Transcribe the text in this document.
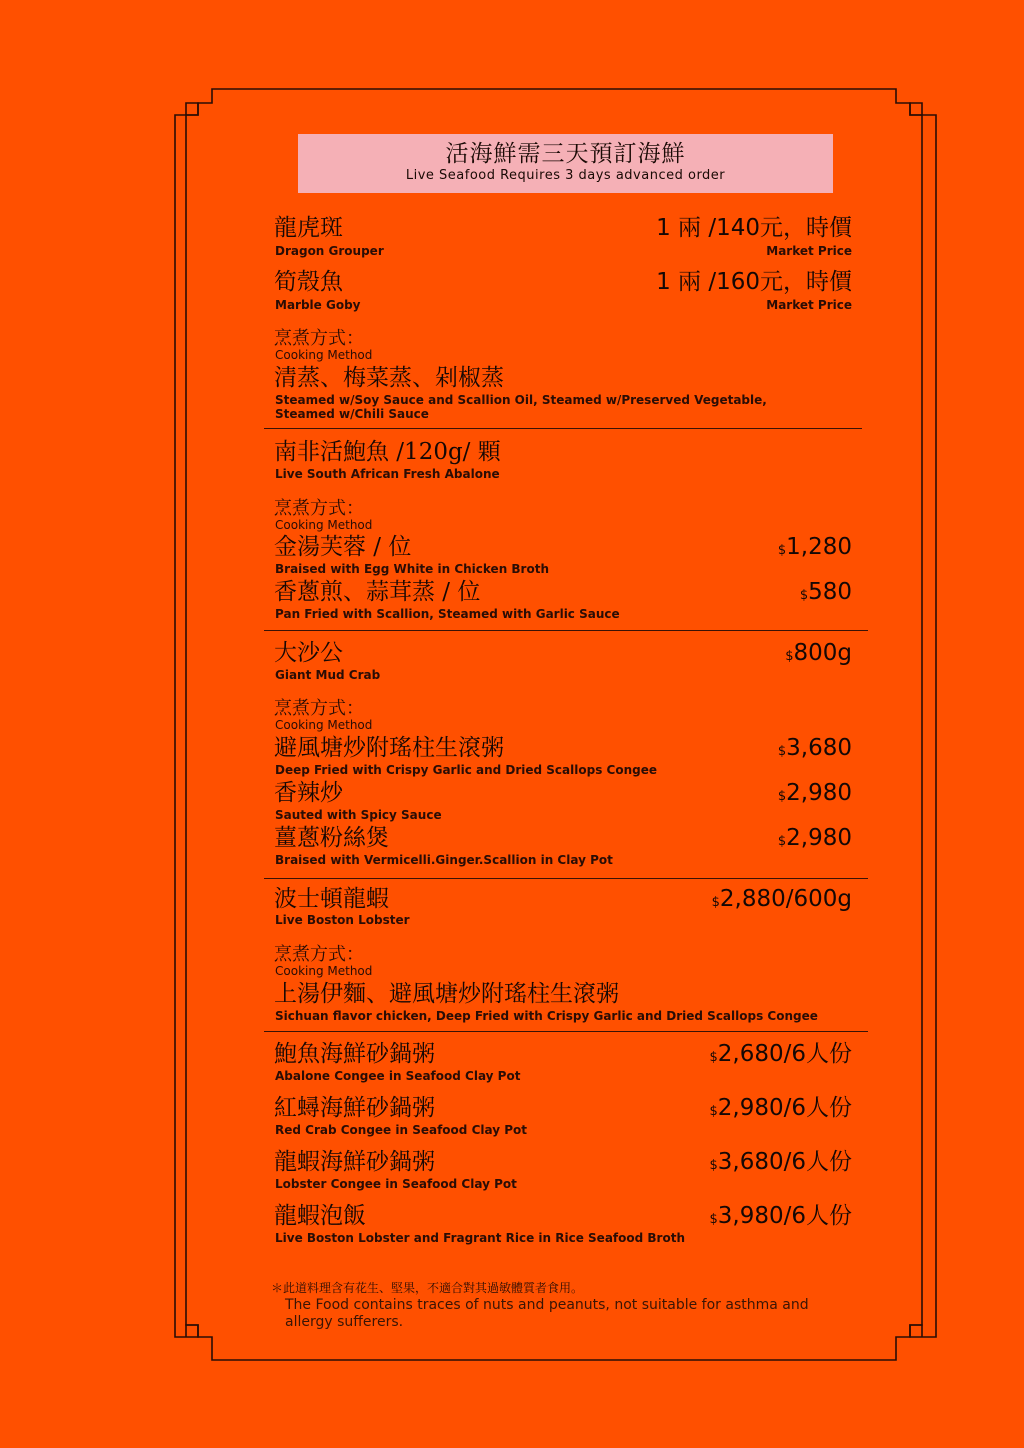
活海鮮需三天預訂海鮮
Live Seafood Requires 3 days advanced order
龍虎斑
Dragon Grouper
1 兩 /140元，時價
Market Price
筍殼魚
Marble Goby
1 兩 /160元，時價
Market Price
烹煮方式：
Cooking Method
清蒸、梅菜蒸、剁椒蒸
Steamed w/Soy Sauce and Scallion Oil, Steamed w/Preserved Vegetable,
Steamed w/Chili Sauce
南非活鮑魚 /120g/ 顆
Live South African Fresh Abalone
烹煮方式：
Cooking Method
金湯芙蓉 / 位
Braised with Egg White in Chicken Broth
$1,280
香蔥煎、蒜茸蒸 / 位
Pan Fried with Scallion, Steamed with Garlic Sauce
$580
大沙公
Giant Mud Crab
$800g
烹煮方式：
Cooking Method
避風塘炒附瑤柱生滾粥
Deep Fried with Crispy Garlic and Dried Scallops Congee
$3,680
香辣炒
Sauted with Spicy Sauce
$2,980
薑蔥粉絲煲
Braised with Vermicelli.Ginger.Scallion in Clay Pot
$2,980
波士頓龍蝦
Live Boston Lobster
$2,880/600g
烹煮方式：
Cooking Method
上湯伊麵、避風塘炒附瑤柱生滾粥
Sichuan flavor chicken, Deep Fried with Crispy Garlic and Dried Scallops Congee
鮑魚海鮮砂鍋粥
Abalone Congee in Seafood Clay Pot
$2,680/6人份
紅蟳海鮮砂鍋粥
Red Crab Congee in Seafood Clay Pot
$2,980/6人份
龍蝦海鮮砂鍋粥
Lobster Congee in Seafood Clay Pot
$3,680/6人份
龍蝦泡飯
Live Boston Lobster and Fragrant Rice in Rice Seafood Broth
$3,980/6人份
＊此道料理含有花生、堅果，不適合對其過敏體質者食用。
The Food contains traces of nuts and peanuts, not suitable for asthma and allergy sufferers.
